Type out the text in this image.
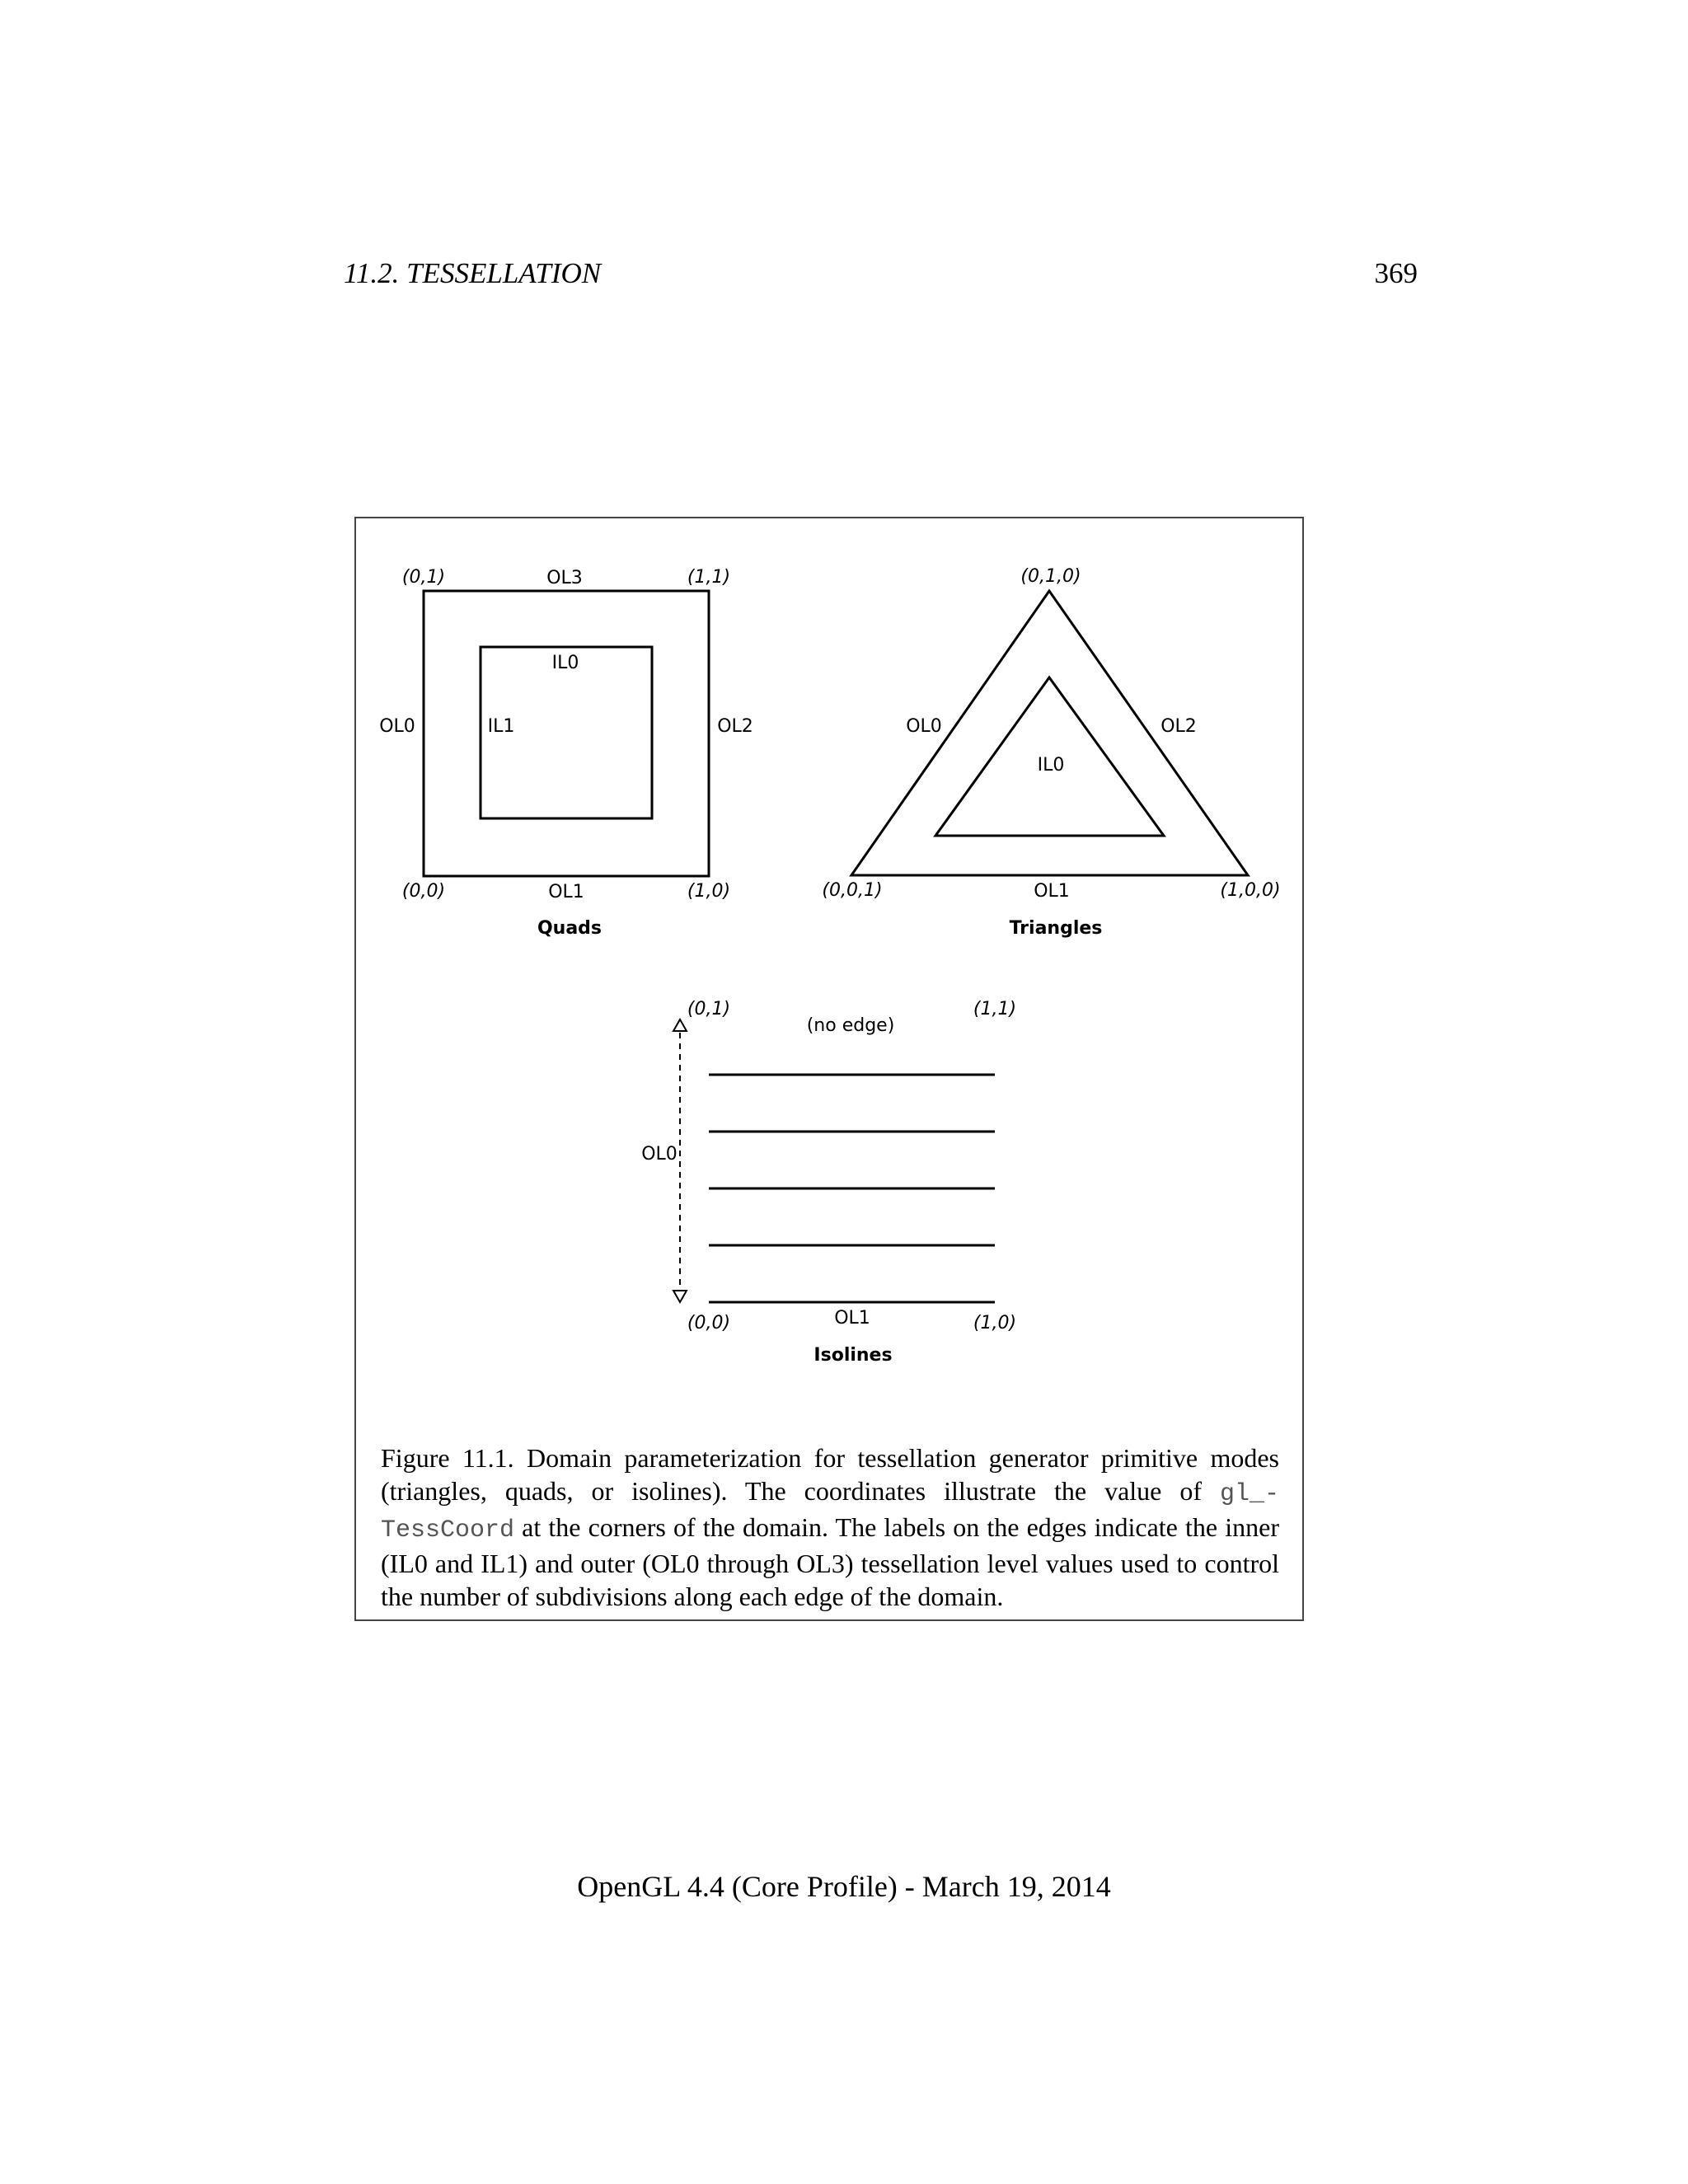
11.2. TESSELLATION	369
(0,1)	(1,1)
(0,0)	(1,0)
OL3
OL0	OL2
OL1
IL0
IL1
Quads
(0,1,0)
(0,0,1)	(1,0,0)
OL0	OL2
OL1
IL0
Triangles
(0,1)	(1,1)
(0,0)	(1,0)
(no edge)
OL0
OL1
Isolines
Figure 11.1. Domain parameterization for tessellation generator primitive modes (triangles, quads, or isolines). The coordinates illustrate the value of gl_- TessCoord at the corners of the domain. The labels on the edges indicate the inner (IL0 and IL1) and outer (OL0 through OL3) tessellation level values used to control the number of subdivisions along each edge of the domain.
OpenGL 4.4 (Core Profile) - March 19, 2014
